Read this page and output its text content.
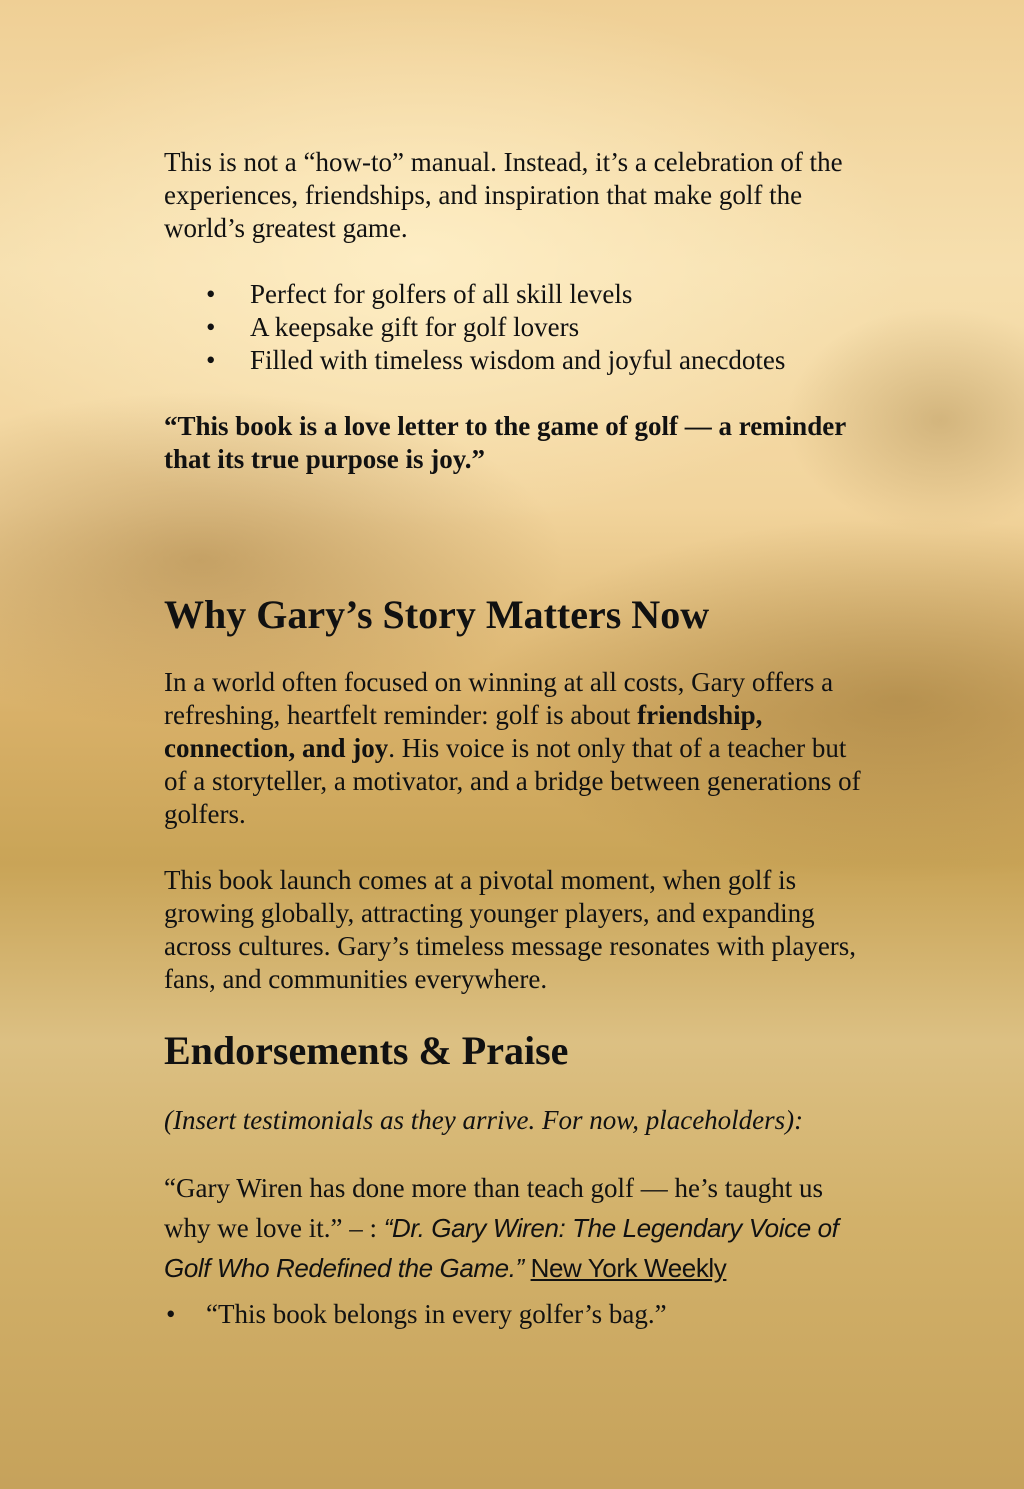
This is not a “how-to” manual. Instead, it’s a celebration of the experiences, friendships, and inspiration that make golf the world’s greatest game.

• Perfect for golfers of all skill levels
• A keepsake gift for golf lovers
• Filled with timeless wisdom and joyful anecdotes

“This book is a love letter to the game of golf — a reminder that its true purpose is joy.”

Why Gary’s Story Matters Now

In a world often focused on winning at all costs, Gary offers a refreshing, heartfelt reminder: golf is about friendship, connection, and joy. His voice is not only that of a teacher but of a storyteller, a motivator, and a bridge between generations of golfers.

This book launch comes at a pivotal moment, when golf is growing globally, attracting younger players, and expanding across cultures. Gary’s timeless message resonates with players, fans, and communities everywhere.

Endorsements & Praise

(Insert testimonials as they arrive. For now, placeholders):

“Gary Wiren has done more than teach golf — he’s taught us why we love it.” – : “Dr. Gary Wiren: The Legendary Voice of Golf Who Redefined the Game.” New York Weekly

• “This book belongs in every golfer’s bag.”
